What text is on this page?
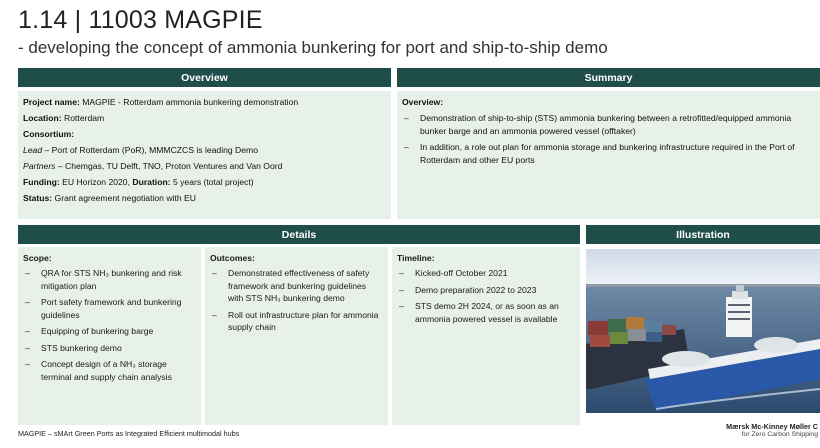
1.14 | 11003 MAGPIE
- developing the concept of ammonia bunkering for port and ship-to-ship demo
Overview
Project name: MAGPIE - Rotterdam ammonia bunkering demonstration
Location: Rotterdam
Consortium:
Lead – Port of Rotterdam (PoR), MMMCZCS is leading Demo
Partners – Chemgas, TU Delft, TNO, Proton Ventures and Van Oord
Funding: EU Horizon 2020, Duration: 5 years (total project)
Status: Grant agreement negotiation with EU
Summary
Overview:
– Demonstration of ship-to-ship (STS) ammonia bunkering between a retrofitted/equipped ammonia bunker barge and an ammonia powered vessel (offtaker)
– In addition, a role out plan for ammonia storage and bunkering infrastructure required in the Port of Rotterdam and other EU ports
Details
Scope:
– QRA for STS NH₃ bunkering and risk mitigation plan
– Port safety framework and bunkering guidelines
– Equipping of bunkering barge
– STS bunkering demo
– Concept design of a NH₃ storage terminal and supply chain analysis
Outcomes:
– Demonstrated effectiveness of safety framework and bunkering guidelines with STS NH₃ bunkering demo
– Roll out infrastructure plan for ammonia supply chain
Timeline:
– Kicked-off October 2021
– Demo preparation 2022 to 2023
– STS demo 2H 2024, or as soon as an ammonia powered vessel is available
Illustration
MAGPIE – sMArt Green Ports as Integrated Efficient multimodal hubs
Mærsk Mc-Kinney Møller C
for Zero Carbon Shipping
